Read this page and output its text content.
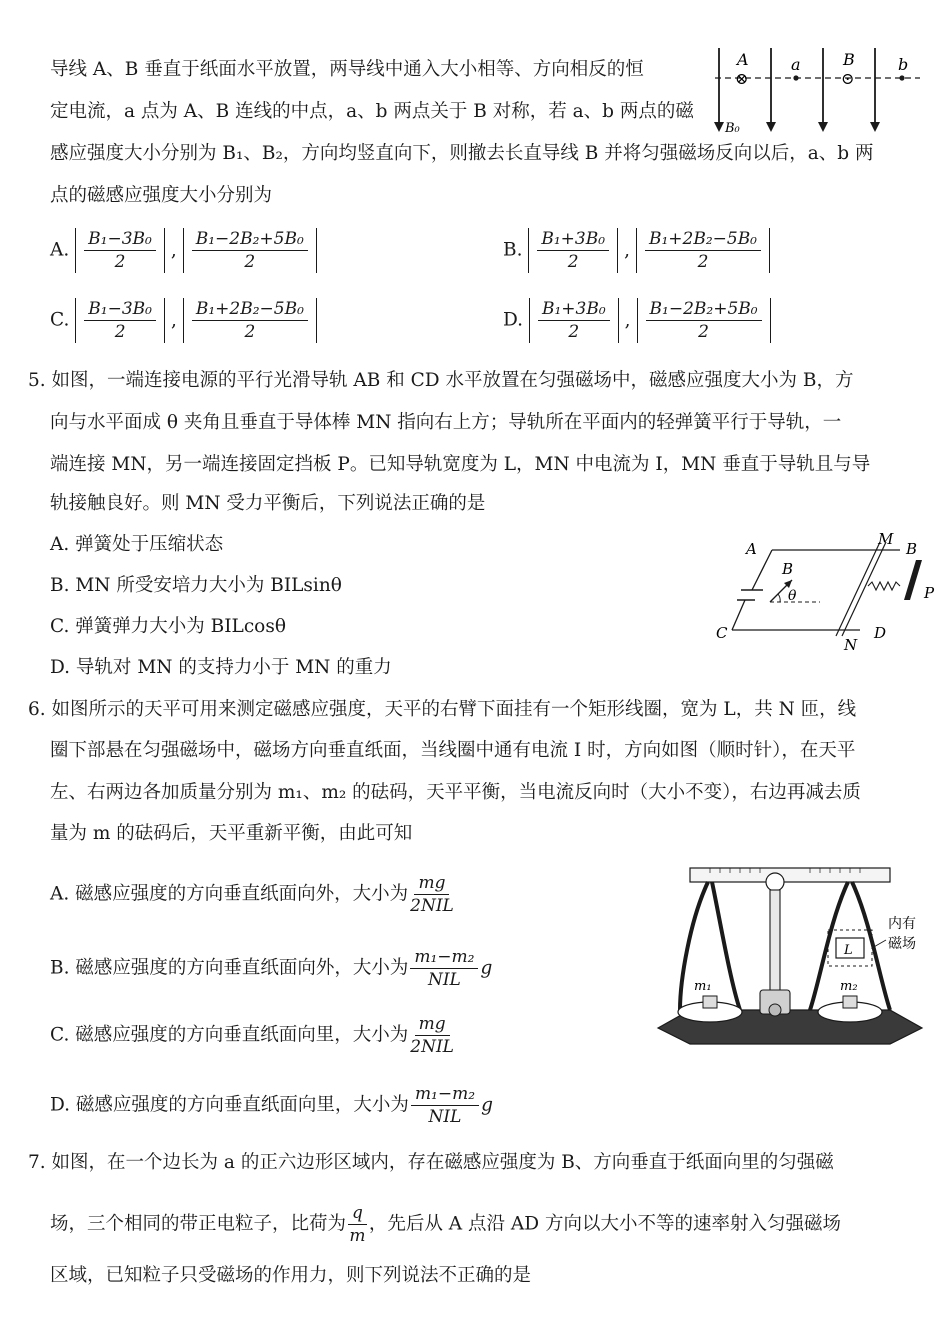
导线 A、B 垂直于纸面水平放置，两导线中通入大小相等、方向相反的恒
定电流，a 点为 A、B 连线的中点，a、b 两点关于 B 对称，若 a、b 两点的磁
感应强度大小分别为 B₁、B₂，方向均竖直向下，则撤去长直导线 B 并将匀强磁场反向以后，a、b 两
点的磁感应强度大小分别为
A
⊗
a	B
⊙
b
B₀
A. $\frac{\text{B₁−3B₀}}{2}$ , $\frac{\text{B₁−2B₂+5B₀}}{2}$	B. $\frac{\text{B₁+3B₀}}{2}$ , $\frac{\text{B₁+2B₂−5B₀}}{2}$
C. $\frac{\text{B₁−3B₀}}{2}$ , $\frac{\text{B₁+2B₂−5B₀}}{2}$	D. $\frac{\text{B₁+3B₀}}{2}$ , $\frac{\text{B₁−2B₂+5B₀}}{2}$
5. 如图，一端连接电源的平行光滑导轨 AB 和 CD 水平放置在匀强磁场中，磁感应强度大小为 B，方
向与水平面成 θ 夹角且垂直于导体棒 MN 指向右上方；导轨所在平面内的轻弹簧平行于导轨，一
端连接 MN，另一端连接固定挡板 P。已知导轨宽度为 L，MN 中电流为 I，MN 垂直于导轨且与导
轨接触良好。则 MN 受力平衡后，下列说法正确的是
A. 弹簧处于压缩状态
B. MN 所受安培力大小为 BILsinθ
C. 弹簧弹力大小为 BILcosθ
D. 导轨对 MN 的支持力小于 MN 的重力
A	B
C	D
M
N
P
B
θ
6. 如图所示的天平可用来测定磁感应强度，天平的右臂下面挂有一个矩形线圈，宽为 L，共 N 匝，线
圈下部悬在匀强磁场中，磁场方向垂直纸面，当线圈中通有电流 I 时，方向如图（顺时针），在天平
左、右两边各加质量分别为 m₁、m₂ 的砝码，天平平衡，当电流反向时（大小不变），右边再减去质
量为 m 的砝码后，天平重新平衡，由此可知
A. 磁感应强度的方向垂直纸面向外，大小为 $\frac{mg}{\text{2NIL}}$
B. 磁感应强度的方向垂直纸面向外，大小为 $\frac{\text{m₁−m₂}}{\text{NIL}}$ g
C. 磁感应强度的方向垂直纸面向里，大小为 $\frac{mg}{\text{2NIL}}$
D. 磁感应强度的方向垂直纸面向里，大小为 $\frac{\text{m₁−m₂}}{\text{NIL}}$ g
m₁	m₂
L
内有
磁场
7. 如图，在一个边长为 a 的正六边形区域内，存在磁感应强度为 B、方向垂直于纸面向里的匀强磁
场，三个相同的带正电粒子，比荷为 $\frac{q}{m}$ ，先后从 A 点沿 AD 方向以大小不等的速率射入匀强磁场
区域，已知粒子只受磁场的作用力，则下列说法不正确的是
